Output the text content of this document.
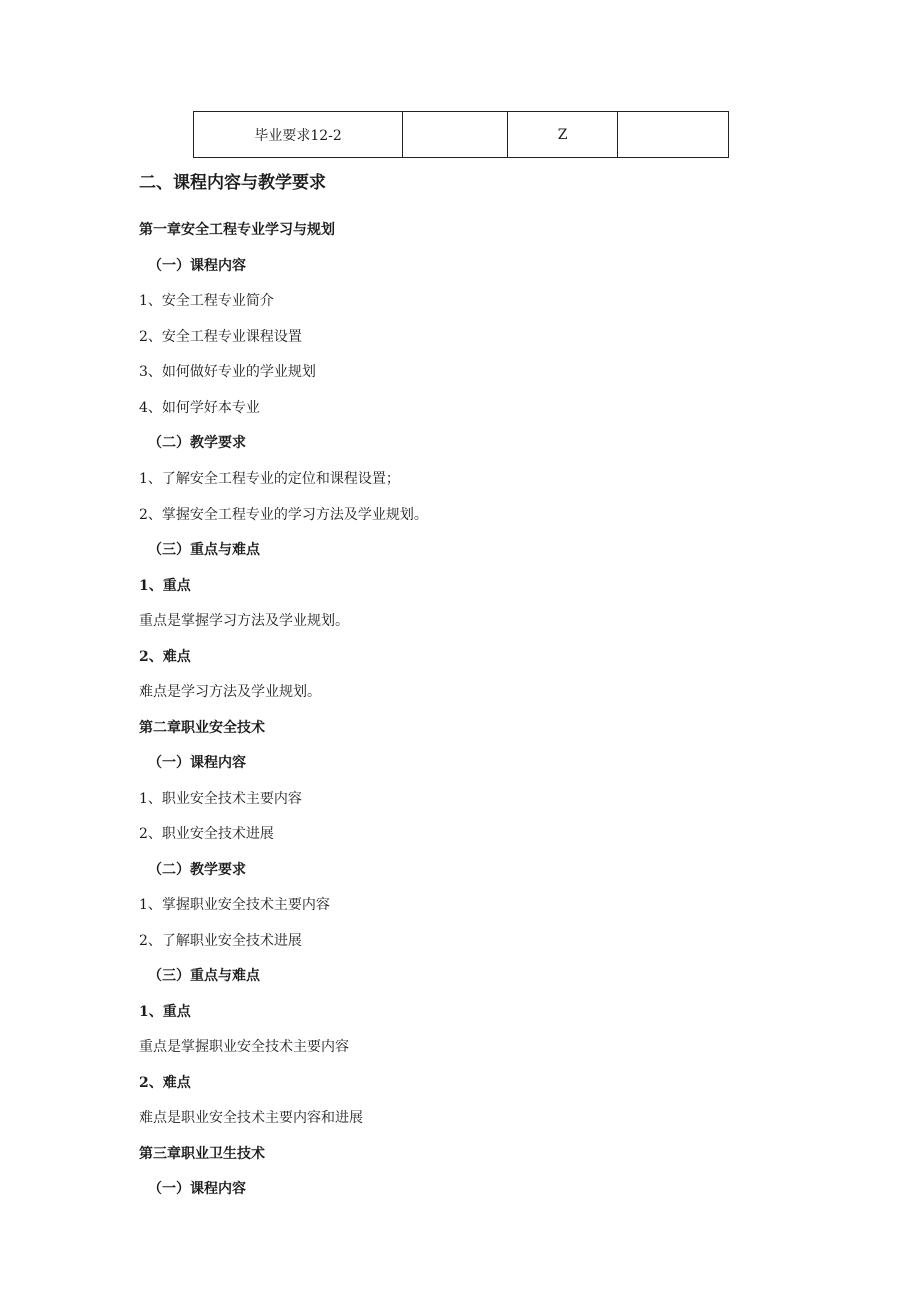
毕业要求12-2		Z	
二、课程内容与教学要求
第一章安全工程专业学习与规划
（一）课程内容
1、安全工程专业简介
2、安全工程专业课程设置
3、如何做好专业的学业规划
4、如何学好本专业
（二）教学要求
1、了解安全工程专业的定位和课程设置；
2、掌握安全工程专业的学习方法及学业规划。
（三）重点与难点
1、重点
重点是掌握学习方法及学业规划。
2、难点
难点是学习方法及学业规划。
第二章职业安全技术
（一）课程内容
1、职业安全技术主要内容
2、职业安全技术进展
（二）教学要求
1、掌握职业安全技术主要内容
2、了解职业安全技术进展
（三）重点与难点
1、重点
重点是掌握职业安全技术主要内容
2、难点
难点是职业安全技术主要内容和进展
第三章职业卫生技术
（一）课程内容
